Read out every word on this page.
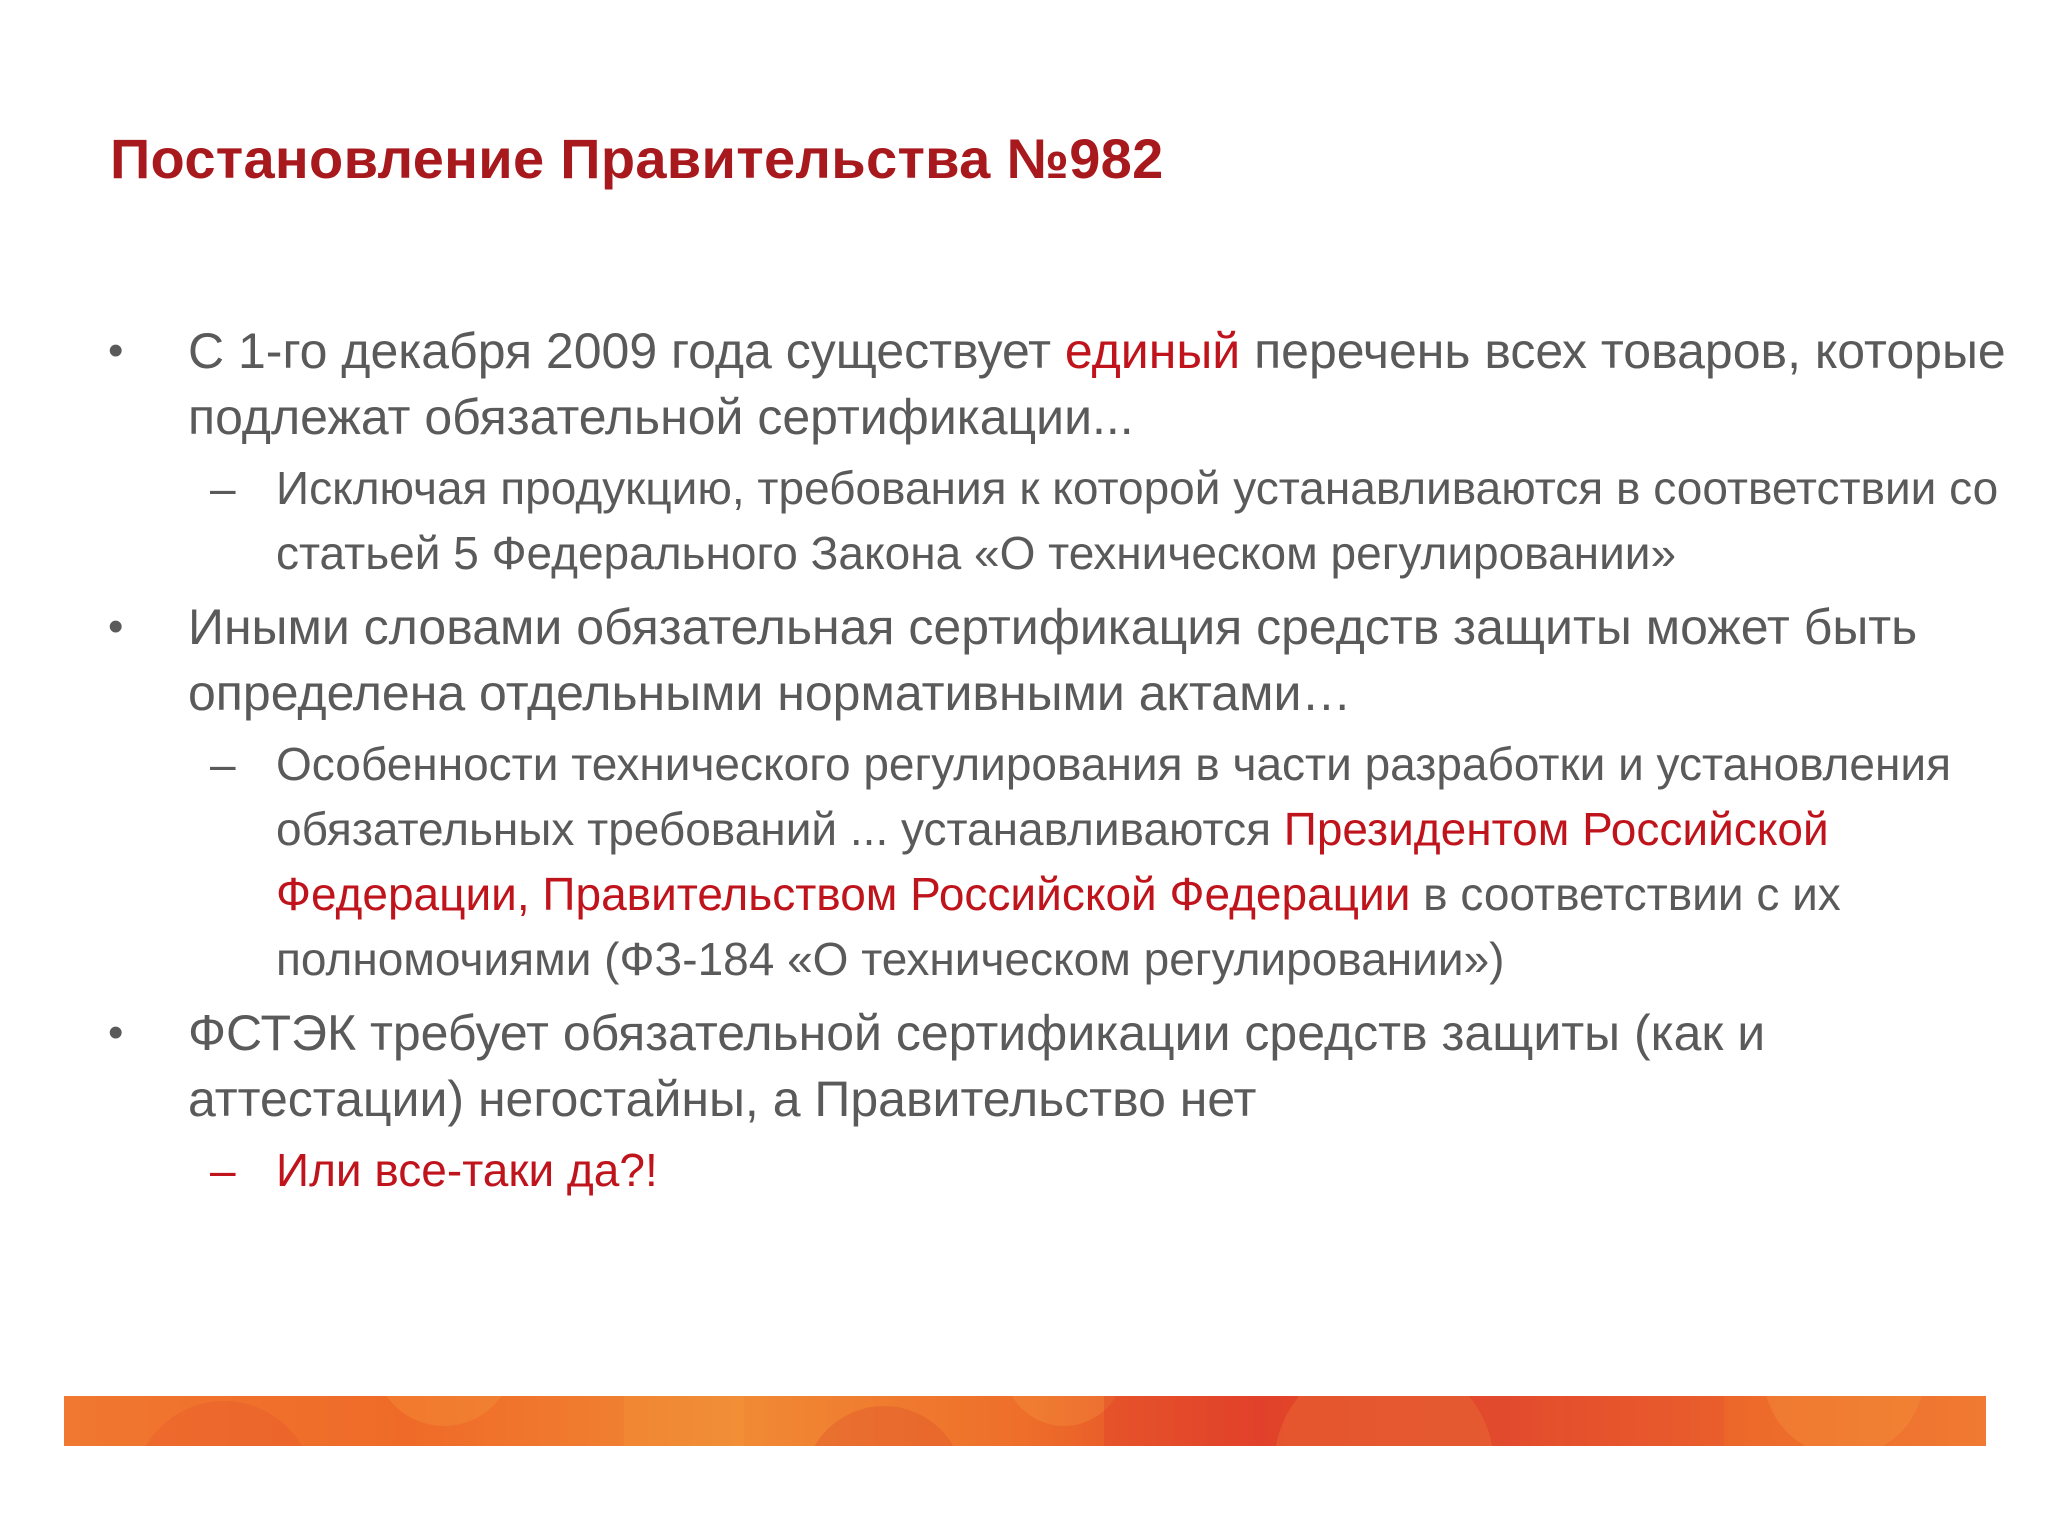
Постановление Правительства №982
•	С 1-го декабря 2009 года существует единый перечень всех товаров, которые подлежат обязательной сертификации...
– Исключая продукцию, требования к которой устанавливаются в соответствии со статьей 5 Федерального Закона «О техническом регулировании»
•	Иными словами обязательная сертификация средств защиты может быть определена отдельными нормативными актами…
– Особенности технического регулирования в части разработки и установления обязательных требований ... устанавливаются Президентом Российской Федерации, Правительством Российской Федерации в соответствии с их полномочиями (ФЗ-184 «О техническом регулировании»)
•	ФСТЭК требует обязательной сертификации средств защиты (как и аттестации) негостайны, а Правительство нет
– Или все-таки да?!
